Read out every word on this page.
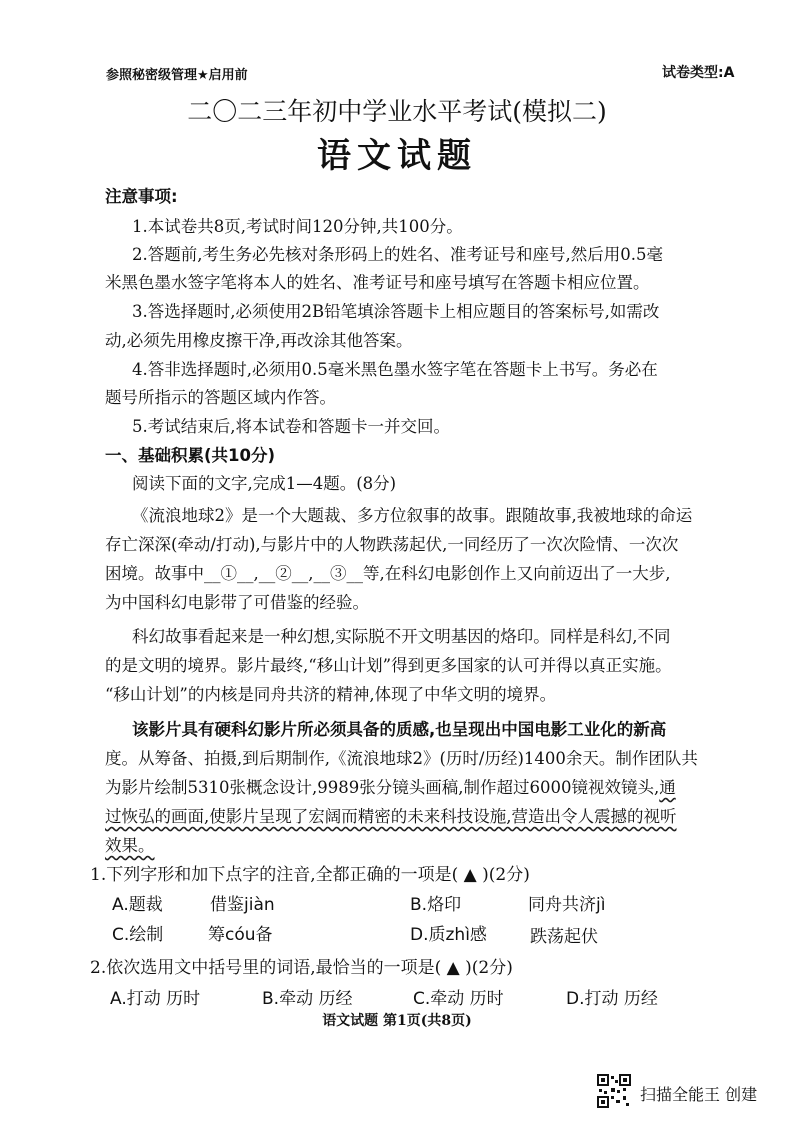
参照秘密级管理★启用前	试卷类型:A
二〇二三年初中学业水平考试(模拟二)
语文试题
注意事项:
1.本试卷共8页,考试时间120分钟,共100分。
2.答题前,考生务必先核对条形码上的姓名、准考证号和座号,然后用0.5毫
米黑色墨水签字笔将本人的姓名、准考证号和座号填写在答题卡相应位置。
3.答选择题时,必须使用2B铅笔填涂答题卡上相应题目的答案标号,如需改
动,必须先用橡皮擦干净,再改涂其他答案。
4.答非选择题时,必须用0.5毫米黑色墨水签字笔在答题卡上书写。务必在
题号所指示的答题区域内作答。
5.考试结束后,将本试卷和答题卡一并交回。
一、基础积累(共10分)
阅读下面的文字,完成1—4题。(8分)
《流浪地球2》是一个大题裁、多方位叙事的故事。跟随故事,我被地球的命运
存亡深深(牵动/打动),与影片中的人物跌荡起伏,一同经历了一次次险情、一次次
困境。故事中__①__,__②__,__③__等,在科幻电影创作上又向前迈出了一大步,
为中国科幻电影带了可借鉴的经验。
科幻故事看起来是一种幻想,实际脱不开文明基因的烙印。同样是科幻,不同
的是文明的境界。影片最终,“移山计划”得到更多国家的认可并得以真正实施。
“移山计划”的内核是同舟共济的精神,体现了中华文明的境界。
该影片具有硬科幻影片所必须具备的质感,也呈现出中国电影工业化的新高
度。从筹备、拍摄,到后期制作,《流浪地球2》(历时/历经)1400余天。制作团队共
为影片绘制5310张概念设计,9989张分镜头画稿,制作超过6000镜视效镜头,通
过恢弘的画面,使影片呈现了宏阔而精密的未来科技设施,营造出令人震撼的视听
效果。
1.下列字形和加下点字的注音,全都正确的一项是( ▲ )(2分)
A.题裁	借鉴jiàn	B.烙印	同舟共济jì
C.绘制	筹cóu备	D.质zhì感	跌荡起伏
2.依次选用文中括号里的词语,最恰当的一项是( ▲ )(2分)
A.打动 历时	B.牵动 历经	C.牵动 历时	D.打动 历经
语文试题 第1页(共8页)
扫描全能王 创建
